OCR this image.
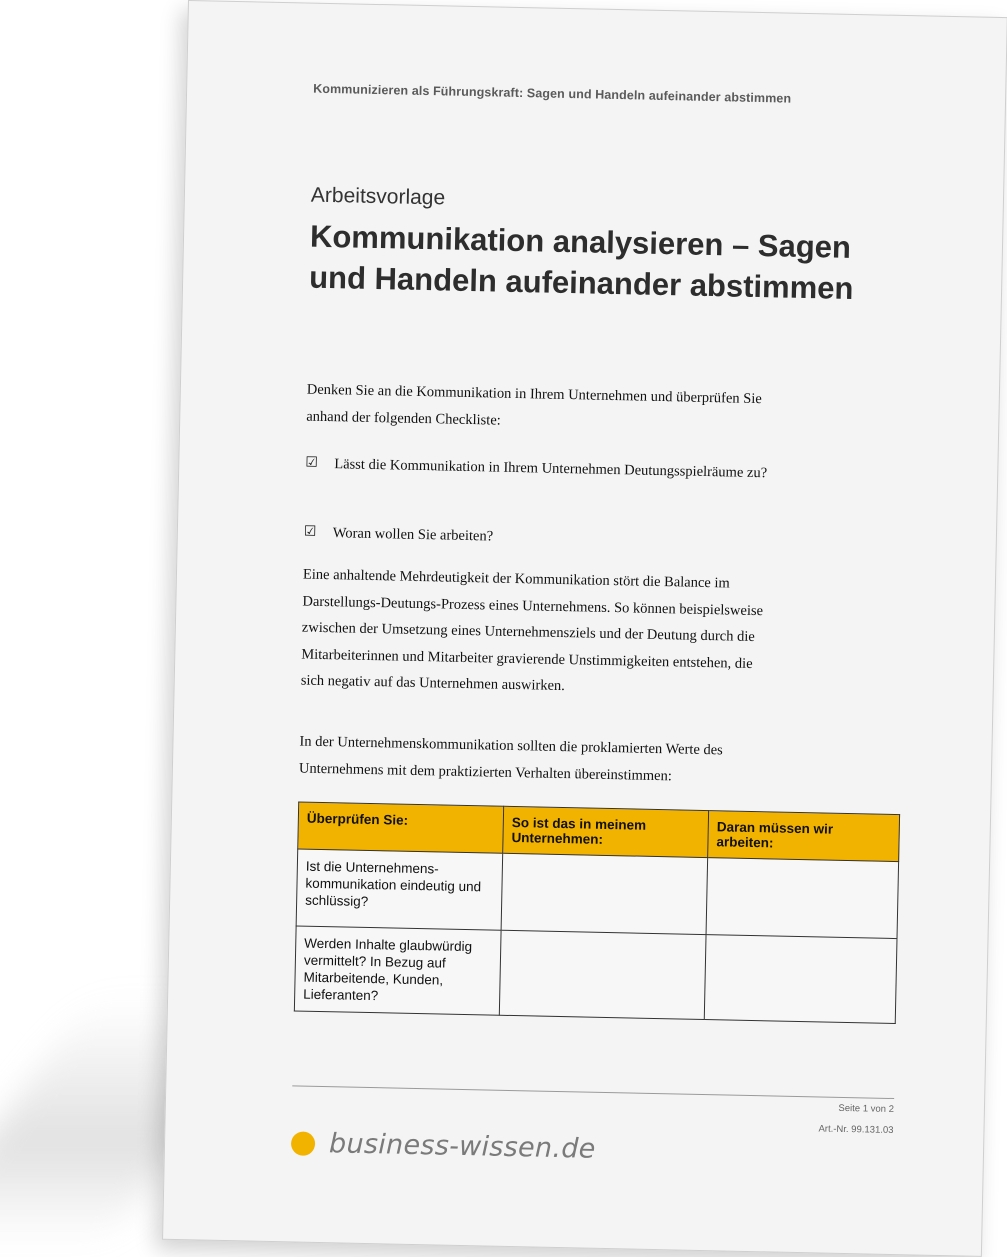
Kommunizieren als Führungskraft: Sagen und Handeln aufeinander abstimmen
Arbeitsvorlage
Kommunikation analysieren – Sagen und Handeln aufeinander abstimmen
Denken Sie an die Kommunikation in Ihrem Unternehmen und überprüfen Sie anhand der folgenden Checkliste:
☑ Lässt die Kommunikation in Ihrem Unternehmen Deutungsspielräume zu?
☑ Woran wollen Sie arbeiten?
Eine anhaltende Mehrdeutigkeit der Kommunikation stört die Balance im Darstellungs-Deutungs-Prozess eines Unternehmens. So können beispielsweise zwischen der Umsetzung eines Unternehmensziels und der Deutung durch die Mitarbeiterinnen und Mitarbeiter gravierende Unstimmigkeiten entstehen, die sich negativ auf das Unternehmen auswirken.
In der Unternehmenskommunikation sollten die proklamierten Werte des Unternehmens mit dem praktizierten Verhalten übereinstimmen:
Überprüfen Sie:	So ist das in meinem Unternehmen:	Daran müssen wir arbeiten:
Ist die Unternehmens-kommunikation eindeutig und schlüssig?		
Werden Inhalte glaubwürdig vermittelt? In Bezug auf Mitarbeitende, Kunden, Lieferanten?		
Seite 1 von 2
Art.-Nr. 99.131.03
business-wissen.de
